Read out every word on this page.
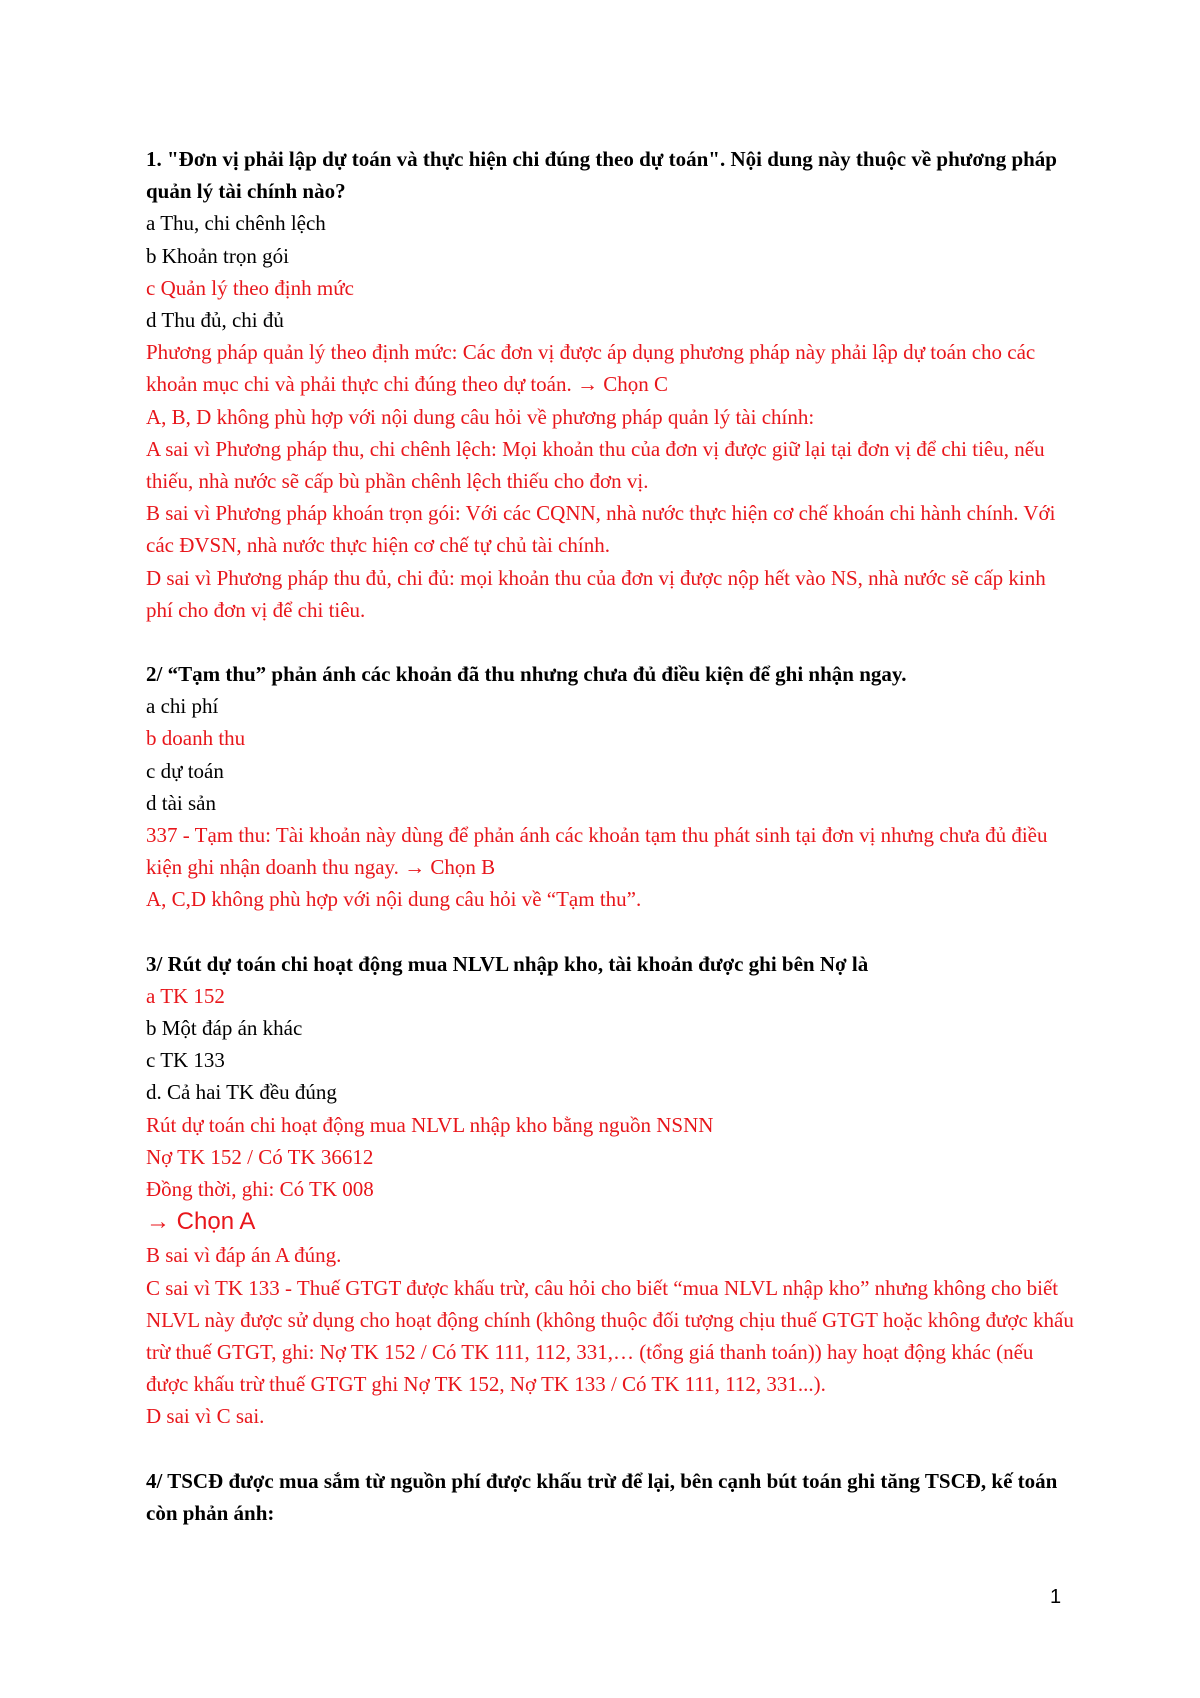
1. "Đơn vị phải lập dự toán và thực hiện chi đúng theo dự toán". Nội dung này thuộc về phương pháp quản lý tài chính nào?
a Thu, chi chênh lệch
b Khoản trọn gói
c Quản lý theo định mức
d Thu đủ, chi đủ
Phương pháp quản lý theo định mức: Các đơn vị được áp dụng phương pháp này phải lập dự toán cho các khoản mục chi và phải thực chi đúng theo dự toán. → Chọn C
A, B, D không phù hợp với nội dung câu hỏi về phương pháp quản lý tài chính:
A sai vì Phương pháp thu, chi chênh lệch: Mọi khoản thu của đơn vị được giữ lại tại đơn vị để chi tiêu, nếu thiếu, nhà nước sẽ cấp bù phần chênh lệch thiếu cho đơn vị.
B sai vì Phương pháp khoán trọn gói: Với các CQNN, nhà nước thực hiện cơ chế khoán chi hành chính. Với các ĐVSN, nhà nước thực hiện cơ chế tự chủ tài chính.
D sai vì Phương pháp thu đủ, chi đủ: mọi khoản thu của đơn vị được nộp hết vào NS, nhà nước sẽ cấp kinh phí cho đơn vị để chi tiêu.
2/ “Tạm thu” phản ánh các khoản đã thu nhưng chưa đủ điều kiện để ghi nhận ngay.
a chi phí
b doanh thu
c dự toán
d tài sản
337 - Tạm thu: Tài khoản này dùng để phản ánh các khoản tạm thu phát sinh tại đơn vị nhưng chưa đủ điều kiện ghi nhận doanh thu ngay. → Chọn B
A, C,D không phù hợp với nội dung câu hỏi về “Tạm thu”.
3/ Rút dự toán chi hoạt động mua NLVL nhập kho, tài khoản được ghi bên Nợ là
a TK 152
b Một đáp án khác
c TK 133
d. Cả hai TK đều đúng
Rút dự toán chi hoạt động mua NLVL nhập kho bằng nguồn NSNN
Nợ TK 152 / Có TK 36612
Đồng thời, ghi: Có TK 008
→ Chọn A
B sai vì đáp án A đúng.
C sai vì TK 133 - Thuế GTGT được khấu trừ, câu hỏi cho biết “mua NLVL nhập kho” nhưng không cho biết NLVL này được sử dụng cho hoạt động chính (không thuộc đối tượng chịu thuế GTGT hoặc không được khấu trừ thuế GTGT, ghi: Nợ TK 152 / Có TK 111, 112, 331,… (tổng giá thanh toán)) hay hoạt động khác (nếu được khấu trừ thuế GTGT ghi Nợ TK 152, Nợ TK 133 / Có TK 111, 112, 331...).
D sai vì C sai.
4/ TSCĐ được mua sắm từ nguồn phí được khấu trừ để lại, bên cạnh bút toán ghi tăng TSCĐ, kế toán còn phản ánh:
1
